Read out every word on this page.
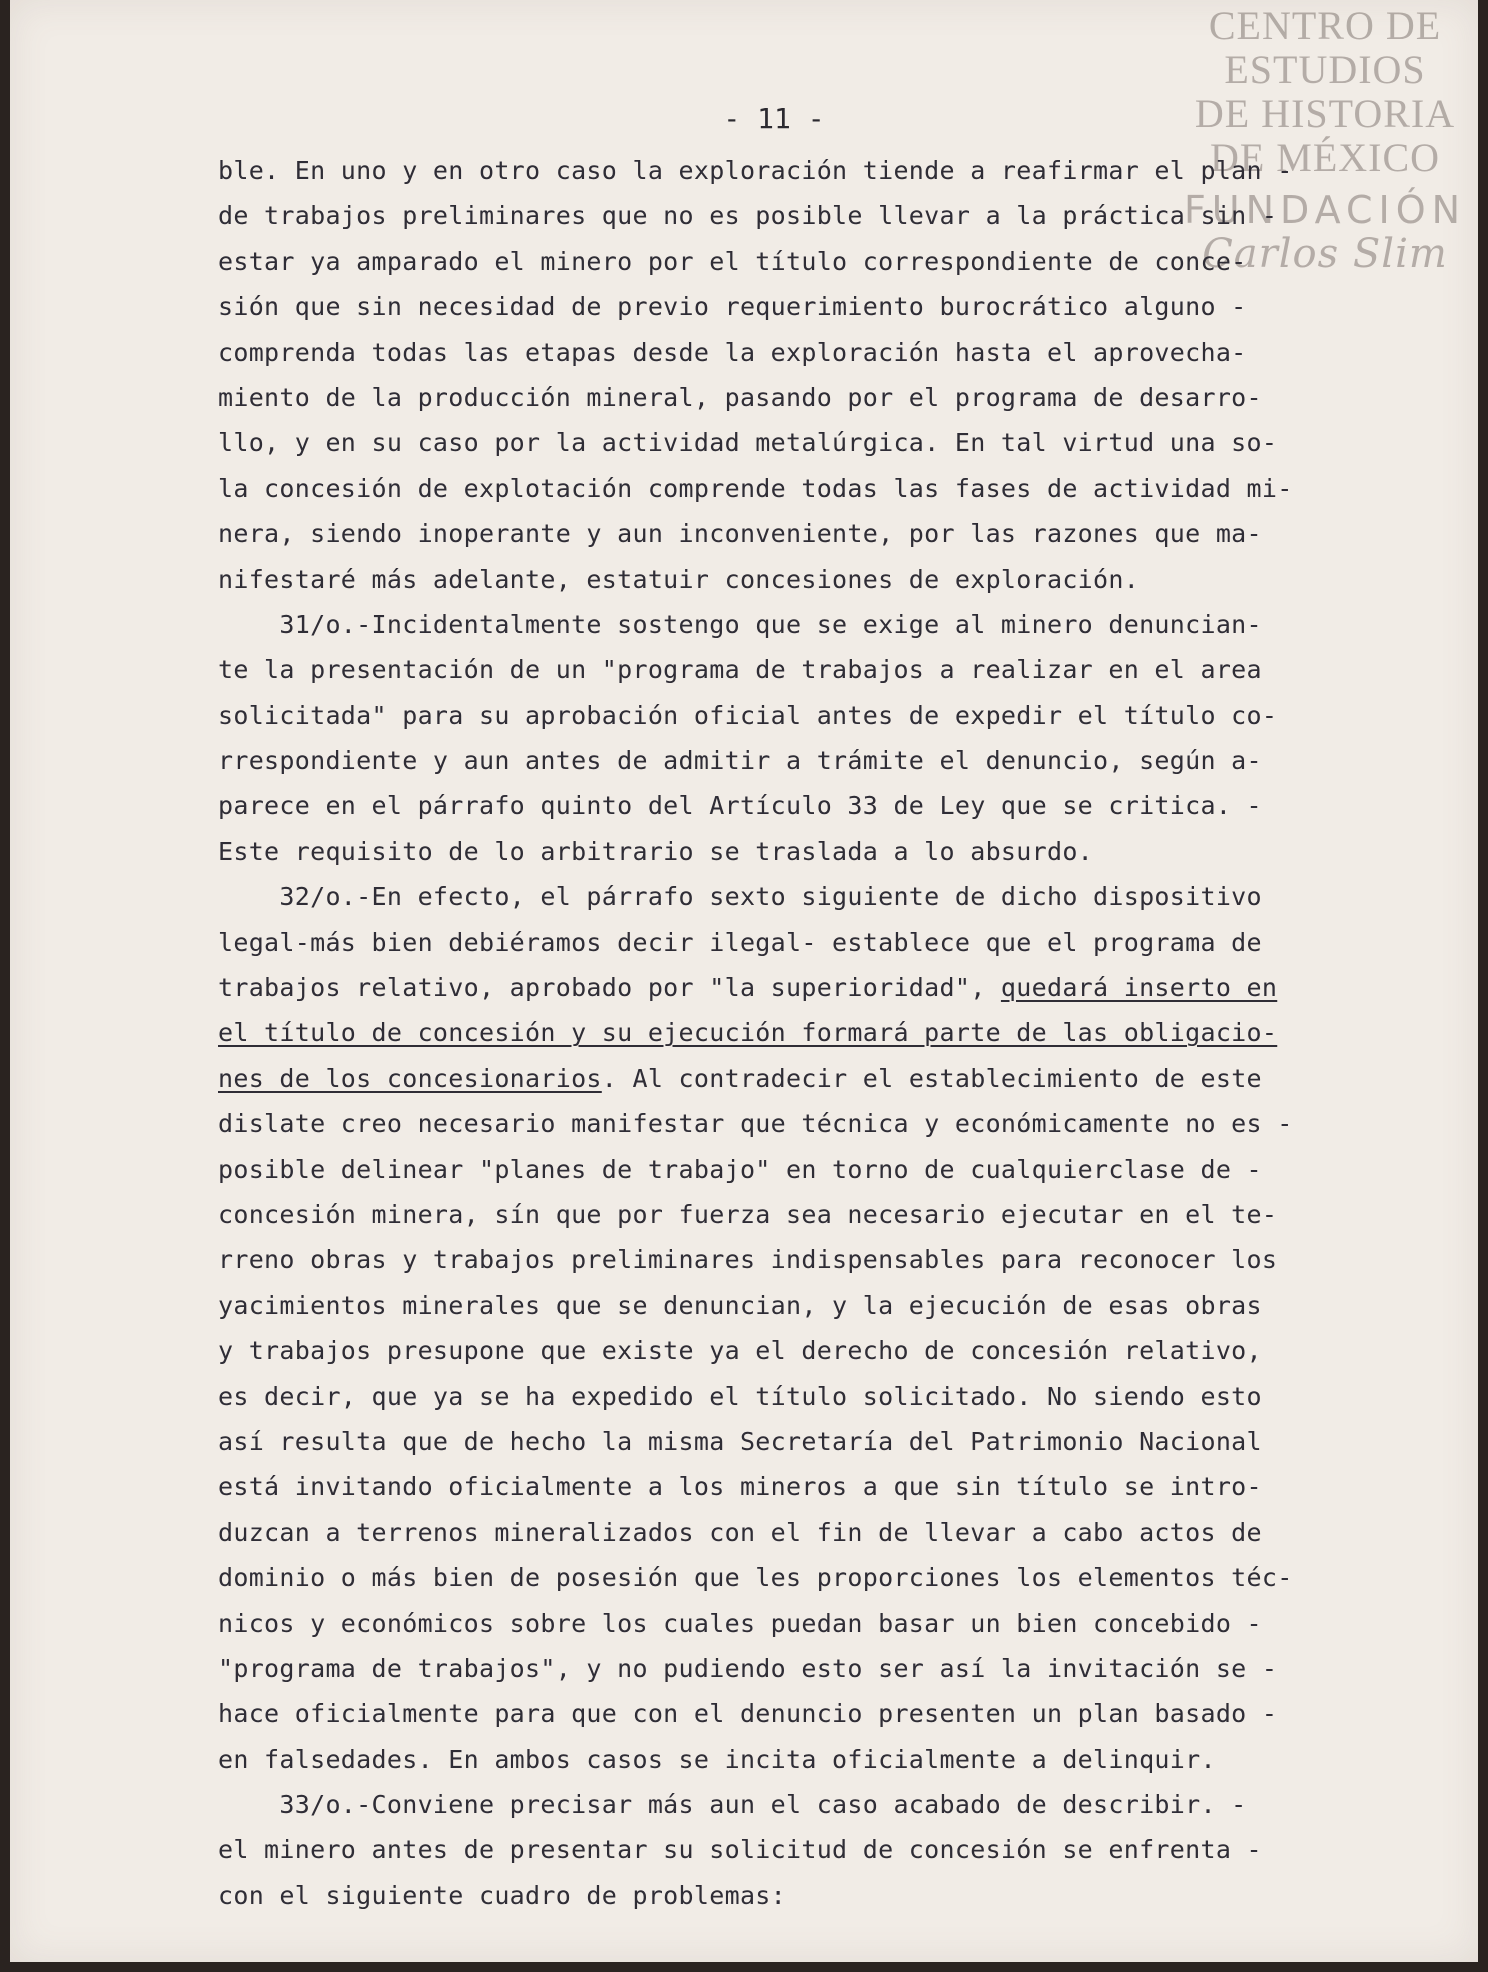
CENTRO DE
ESTUDIOS
DE HISTORIA
DE MÉXICO
FUNDACIÓN
Carlos Slim
- 11 -
ble. En uno y en otro caso la exploración tiende a reafirmar el plan -
de trabajos preliminares que no es posible llevar a la práctica sin -
estar ya amparado el minero por el título correspondiente de conce-
sión que sin necesidad de previo requerimiento burocrático alguno -
comprenda todas las etapas desde la exploración hasta el aprovecha-
miento de la producción mineral, pasando por el programa de desarro-
llo, y en su caso por la actividad metalúrgica. En tal virtud una so-
la concesión de explotación comprende todas las fases de actividad mi-
nera, siendo inoperante y aun inconveniente, por las razones que ma-
nifestaré más adelante, estatuir concesiones de exploración.
31/o.-Incidentalmente sostengo que se exige al minero denuncian-
te la presentación de un "programa de trabajos a realizar en el area
solicitada" para su aprobación oficial antes de expedir el título co-
rrespondiente y aun antes de admitir a trámite el denuncio, según a-
parece en el párrafo quinto del Artículo 33 de Ley que se critica. -
Este requisito de lo arbitrario se traslada a lo absurdo.
32/o.-En efecto, el párrafo sexto siguiente de dicho dispositivo
legal-más bien debiéramos decir ilegal- establece que el programa de
trabajos relativo, aprobado por "la superioridad", quedará inserto en
el título de concesión y su ejecución formará parte de las obligacio-
nes de los concesionarios. Al contradecir el establecimiento de este
dislate creo necesario manifestar que técnica y económicamente no es -
posible delinear "planes de trabajo" en torno de cualquierclase de -
concesión minera, sín que por fuerza sea necesario ejecutar en el te-
rreno obras y trabajos preliminares indispensables para reconocer los
yacimientos minerales que se denuncian, y la ejecución de esas obras
y trabajos presupone que existe ya el derecho de concesión relativo,
es decir, que ya se ha expedido el título solicitado. No siendo esto
así resulta que de hecho la misma Secretaría del Patrimonio Nacional
está invitando oficialmente a los mineros a que sin título se intro-
duzcan a terrenos mineralizados con el fin de llevar a cabo actos de
dominio o más bien de posesión que les proporciones los elementos téc-
nicos y económicos sobre los cuales puedan basar un bien concebido -
"programa de trabajos", y no pudiendo esto ser así la invitación se -
hace oficialmente para que con el denuncio presenten un plan basado -
en falsedades. En ambos casos se incita oficialmente a delinquir.
33/o.-Conviene precisar más aun el caso acabado de describir. -
el minero antes de presentar su solicitud de concesión se enfrenta -
con el siguiente cuadro de problemas:
